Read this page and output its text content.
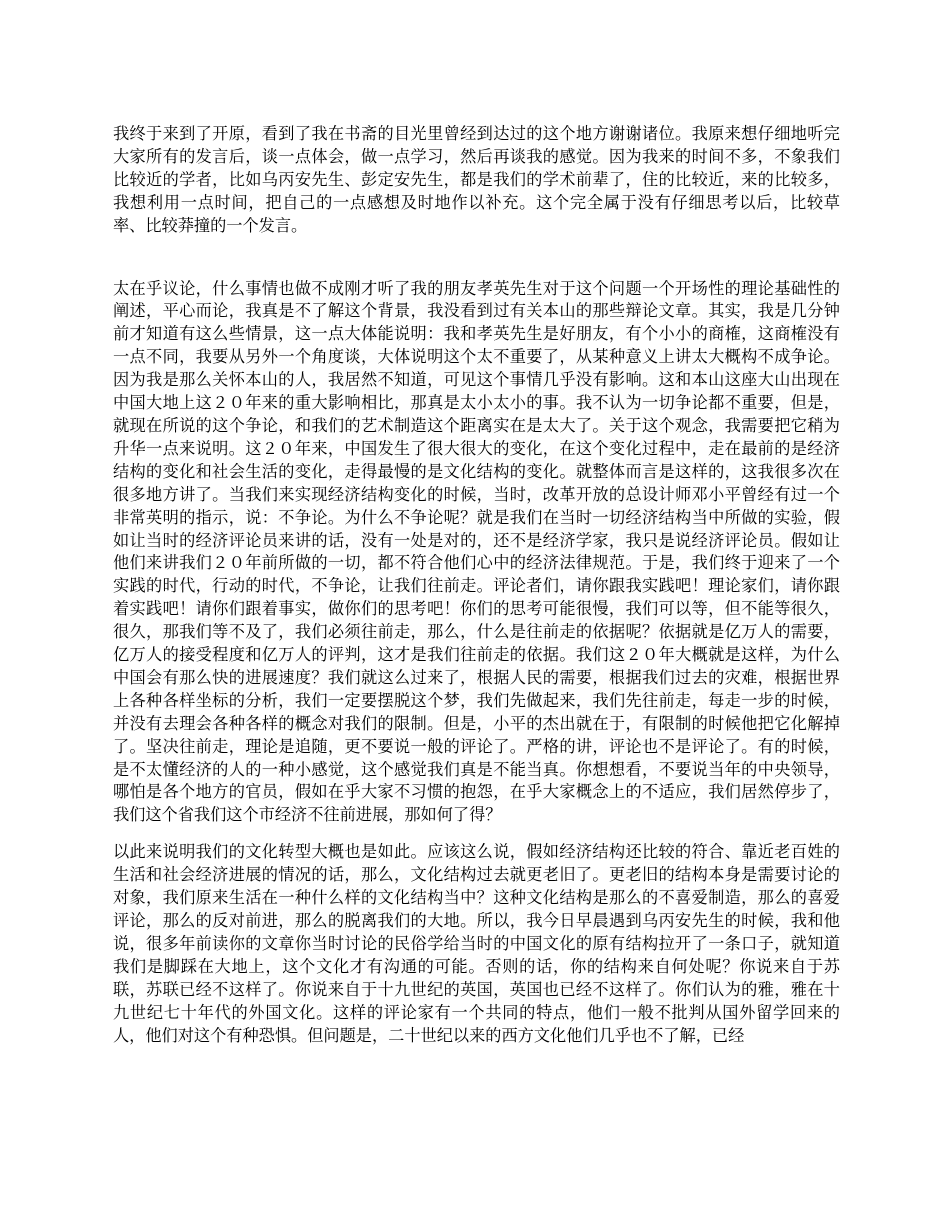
我终于来到了开原，看到了我在书斋的目光里曾经到达过的这个地方谢谢诸位。我原来想仔细地听完大家所有的发言后，谈一点体会，做一点学习，然后再谈我的感觉。因为我来的时间不多，不象我们比较近的学者，比如乌丙安先生、彭定安先生，都是我们的学术前辈了，住的比较近，来的比较多，我想利用一点时间，把自己的一点感想及时地作以补充。这个完全属于没有仔细思考以后，比较草率、比较莽撞的一个发言。

太在乎议论，什么事情也做不成刚才听了我的朋友孝英先生对于这个问题一个开场性的理论基础性的阐述，平心而论，我真是不了解这个背景，我没看到过有关本山的那些辩论文章。其实，我是几分钟前才知道有这么些情景，这一点大体能说明：我和孝英先生是好朋友，有个小小的商榷，这商榷没有一点不同，我要从另外一个角度谈，大体说明这个太不重要了，从某种意义上讲太大概构不成争论。因为我是那么关怀本山的人，我居然不知道，可见这个事情几乎没有影响。这和本山这座大山出现在中国大地上这２０年来的重大影响相比，那真是太小太小的事。我不认为一切争论都不重要，但是，就现在所说的这个争论，和我们的艺术制造这个距离实在是太大了。关于这个观念，我需要把它稍为升华一点来说明。这２０年来，中国发生了很大很大的变化，在这个变化过程中，走在最前的是经济结构的变化和社会生活的变化，走得最慢的是文化结构的变化。就整体而言是这样的，这我很多次在很多地方讲了。当我们来实现经济结构变化的时候，当时，改革开放的总设计师邓小平曾经有过一个非常英明的指示，说：不争论。为什么不争论呢？就是我们在当时一切经济结构当中所做的实验，假如让当时的经济评论员来讲的话，没有一处是对的，还不是经济学家，我只是说经济评论员。假如让他们来讲我们２０年前所做的一切，都不符合他们心中的经济法律规范。于是，我们终于迎来了一个实践的时代，行动的时代，不争论，让我们往前走。评论者们，请你跟我实践吧！理论家们，请你跟着实践吧！请你们跟着事实，做你们的思考吧！你们的思考可能很慢，我们可以等，但不能等很久，很久，那我们等不及了，我们必须往前走，那么，什么是往前走的依据呢？依据就是亿万人的需要，亿万人的接受程度和亿万人的评判，这才是我们往前走的依据。我们这２０年大概就是这样，为什么中国会有那么快的进展速度？我们就这么过来了，根据人民的需要，根据我们过去的灾难，根据世界上各种各样坐标的分析，我们一定要摆脱这个梦，我们先做起来，我们先往前走，每走一步的时候，并没有去理会各种各样的概念对我们的限制。但是，小平的杰出就在于，有限制的时候他把它化解掉了。坚决往前走，理论是追随，更不要说一般的评论了。严格的讲，评论也不是评论了。有的时候，是不太懂经济的人的一种小感觉，这个感觉我们真是不能当真。你想想看，不要说当年的中央领导，哪怕是各个地方的官员，假如在乎大家不习惯的抱怨，在乎大家概念上的不适应，我们居然停步了，我们这个省我们这个市经济不往前进展，那如何了得？

以此来说明我们的文化转型大概也是如此。应该这么说，假如经济结构还比较的符合、靠近老百姓的生活和社会经济进展的情况的话，那么，文化结构过去就更老旧了。更老旧的结构本身是需要讨论的对象，我们原来生活在一种什么样的文化结构当中？这种文化结构是那么的不喜爱制造，那么的喜爱评论，那么的反对前进，那么的脱离我们的大地。所以，我今日早晨遇到乌丙安先生的时候，我和他说，很多年前读你的文章你当时讨论的民俗学给当时的中国文化的原有结构拉开了一条口子，就知道我们是脚踩在大地上，这个文化才有沟通的可能。否则的话，你的结构来自何处呢？你说来自于苏联，苏联已经不这样了。你说来自于十九世纪的英国，英国也已经不这样了。你们认为的雅，雅在十九世纪七十年代的外国文化。这样的评论家有一个共同的特点，他们一般不批判从国外留学回来的人，他们对这个有种恐惧。但问题是，二十世纪以来的西方文化他们几乎也不了解，已经
